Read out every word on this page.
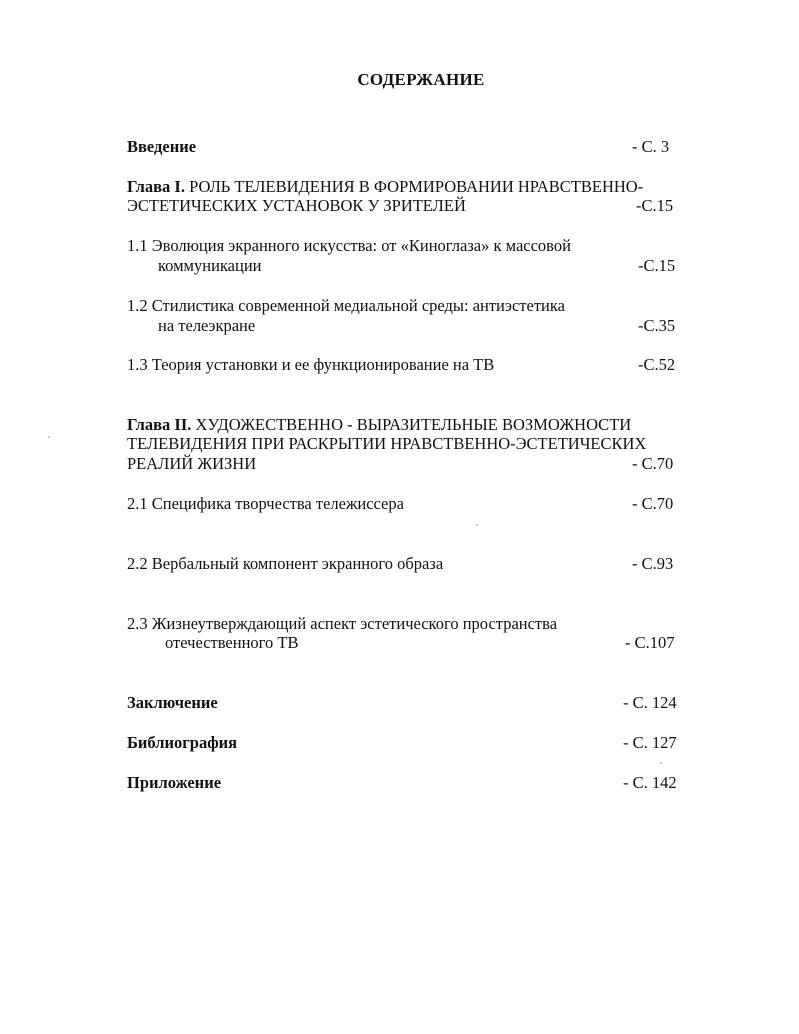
СОДЕРЖАНИЕ
Введение	- С. 3
Глава I. РОЛЬ ТЕЛЕВИДЕНИЯ В ФОРМИРОВАНИИ НРАВСТВЕННО-
ЭСТЕТИЧЕСКИХ УСТАНОВОК У ЗРИТЕЛЕЙ	-С.15
1.1 Эволюция экранного искусства: от «Киноглаза» к массовой
коммуникации	-С.15
1.2 Стилистика современной медиальной среды: антиэстетика
на телеэкране	-С.35
1.3 Теория установки и ее функционирование на ТВ	-С.52
Глава II. ХУДОЖЕСТВЕННО - ВЫРАЗИТЕЛЬНЫЕ ВОЗМОЖНОСТИ
ТЕЛЕВИДЕНИЯ ПРИ РАСКРЫТИИ НРАВСТВЕННО-ЭСТЕТИЧЕСКИХ
РЕАЛИЙ ЖИЗНИ	- С.70
2.1 Специфика творчества тележиссера	- С.70
2.2 Вербальный компонент экранного образа	- С.93
2.3 Жизнеутверждающий аспект эстетического пространства
отечественного ТВ	- С.107
Заключение	- С. 124
Библиография	- С. 127
Приложение	- С. 142
